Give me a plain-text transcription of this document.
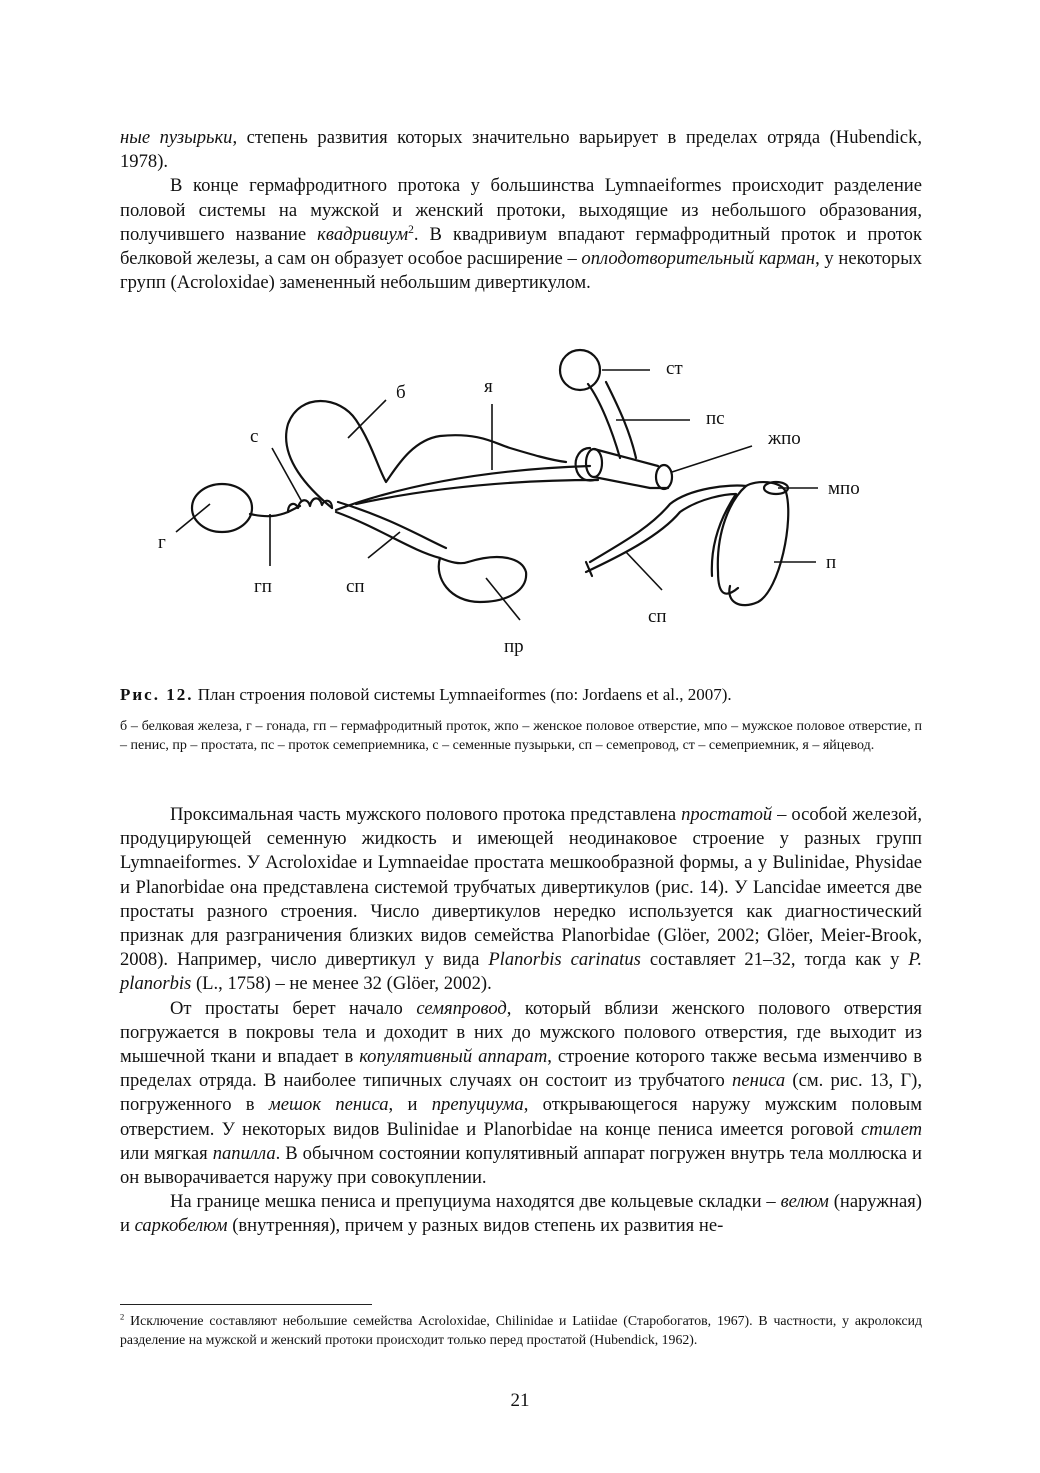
ные пузырьки, степень развития которых значительно варьирует в пределах отряда (Hubendick, 1978).

В конце гермафродитного протока у большинства Lymnaeiformes происходит разделение половой системы на мужской и женский протоки, выходящие из небольшого образования, получившего название квадривиум$^2$. В квадривиум впадают гермафродитный проток и проток белковой железы, а сам он образует особое расширение – оплодотворительный карман, у некоторых групп (Acroloxidae) замененный небольшим дивертикулом.

ст
пс
жпо
мпо
п
б	я
с
г
гп	сп
пр
сп
Рис. 12. План строения половой системы Lymnaeiformes (по: Jordaens et al., 2007).
б – белковая железа, г – гонада, гп – гермафродитный проток, жпо – женское половое отверстие, мпо – мужское половое отверстие, п – пенис, пр – простата, пс – проток семеприемника, с – семенные пузырьки, сп – семепровод, ст – семеприемник, я – яйцевод.

Проксимальная часть мужского полового протока представлена простатой – особой железой, продуцирующей семенную жидкость и имеющей неодинаковое строение у разных групп Lymnaeiformes. У Acroloxidae и Lymnaeidae простата мешкообразной формы, а у Bulinidae, Physidae и Planorbidae она представлена системой трубчатых дивертикулов (рис. 14). У Lancidae имеется две простаты разного строения. Число дивертикулов нередко используется как диагностический признак для разграничения близких видов семейства Planorbidae (Glöer, 2002; Glöer, Meier-Brook, 2008). Например, число дивертикул у вида Planorbis carinatus составляет 21–32, тогда как у P. planorbis (L., 1758) – не менее 32 (Glöer, 2002).

От простаты берет начало семяпровод, который вблизи женского полового отверстия погружается в покровы тела и доходит в них до мужского полового отверстия, где выходит из мышечной ткани и впадает в копулятивный аппарат, строение которого также весьма изменчиво в пределах отряда. В наиболее типичных случаях он состоит из трубчатого пениса (см. рис. 13, Г), погруженного в мешок пениса, и препуциума, открывающегося наружу мужским половым отверстием. У некоторых видов Bulinidae и Planorbidae на конце пениса имеется роговой стилет или мягкая папилла. В обычном состоянии копулятивный аппарат погружен внутрь тела моллюска и он выворачивается наружу при совокуплении.

На границе мешка пениса и препуциума находятся две кольцевые складки – велюм (наружная) и саркобелюм (внутренняя), причем у разных видов степень их развития не-

$^2$ Исключение составляют небольшие семейства Acroloxidae, Chilinidae и Latiidae (Старобогатов, 1967). В частности, у акролоксид разделение на мужской и женский протоки происходит только перед простатой (Hubendick, 1962).
21
